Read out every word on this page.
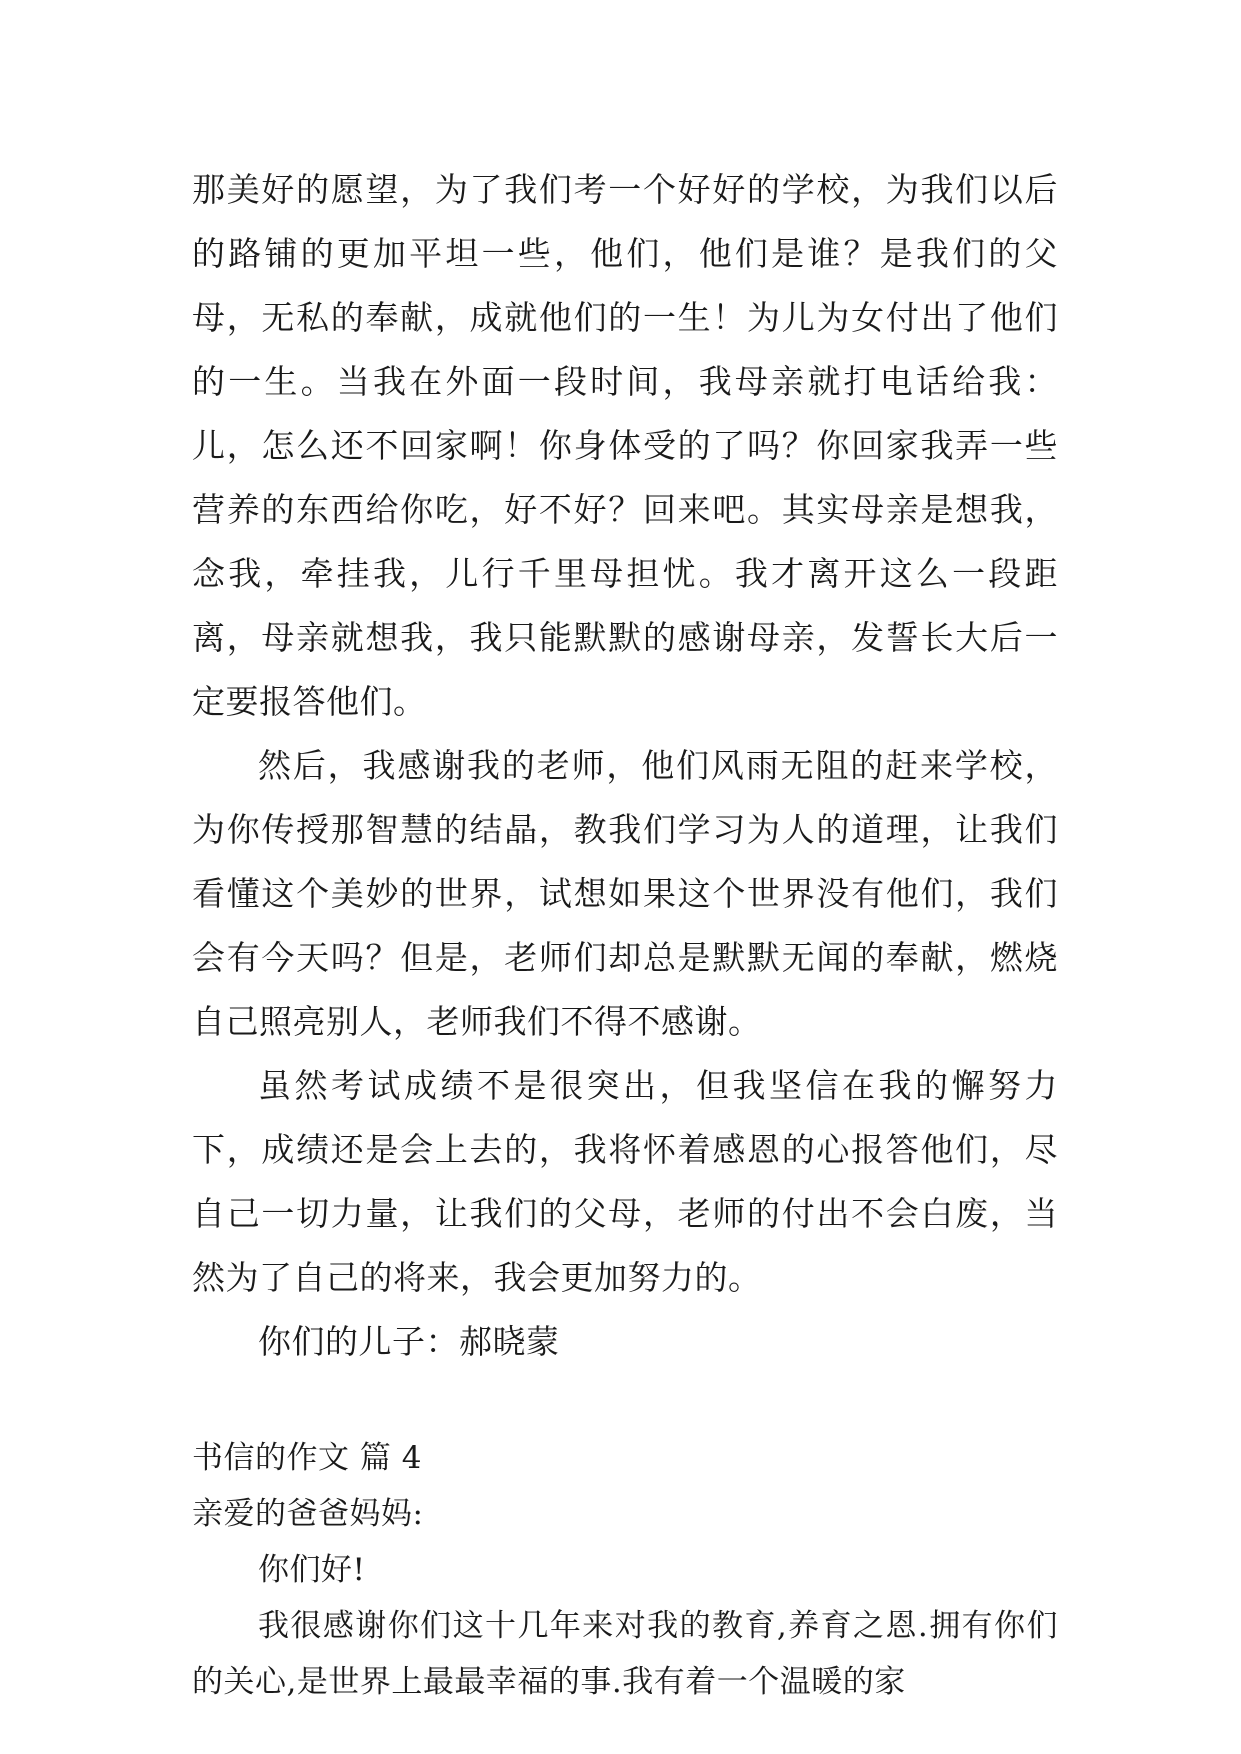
那美好的愿望，为了我们考一个好好的学校，为我们以后的路铺的更加平坦一些，他们，他们是谁？是我们的父母，无私的奉献，成就他们的一生！为儿为女付出了他们的一生。当我在外面一段时间，我母亲就打电话给我：儿，怎么还不回家啊！你身体受的了吗？你回家我弄一些营养的东西给你吃，好不好？回来吧。其实母亲是想我，念我，牵挂我，儿行千里母担忧。我才离开这么一段距离，母亲就想我，我只能默默的感谢母亲，发誓长大后一定要报答他们。

然后，我感谢我的老师，他们风雨无阻的赶来学校，为你传授那智慧的结晶，教我们学习为人的道理，让我们看懂这个美妙的世界，试想如果这个世界没有他们，我们会有今天吗？但是，老师们却总是默默无闻的奉献，燃烧自己照亮别人，老师我们不得不感谢。

虽然考试成绩不是很突出，但我坚信在我的懈努力下，成绩还是会上去的，我将怀着感恩的心报答他们，尽自己一切力量，让我们的父母，老师的付出不会白废，当然为了自己的将来，我会更加努力的。

你们的儿子：郝晓蒙

书信的作文 篇 4

亲爱的爸爸妈妈:

你们好!

我很感谢你们这十几年来对我的教育,养育之恩.拥有你们的关心,是世界上最最幸福的事.我有着一个温暖的家
